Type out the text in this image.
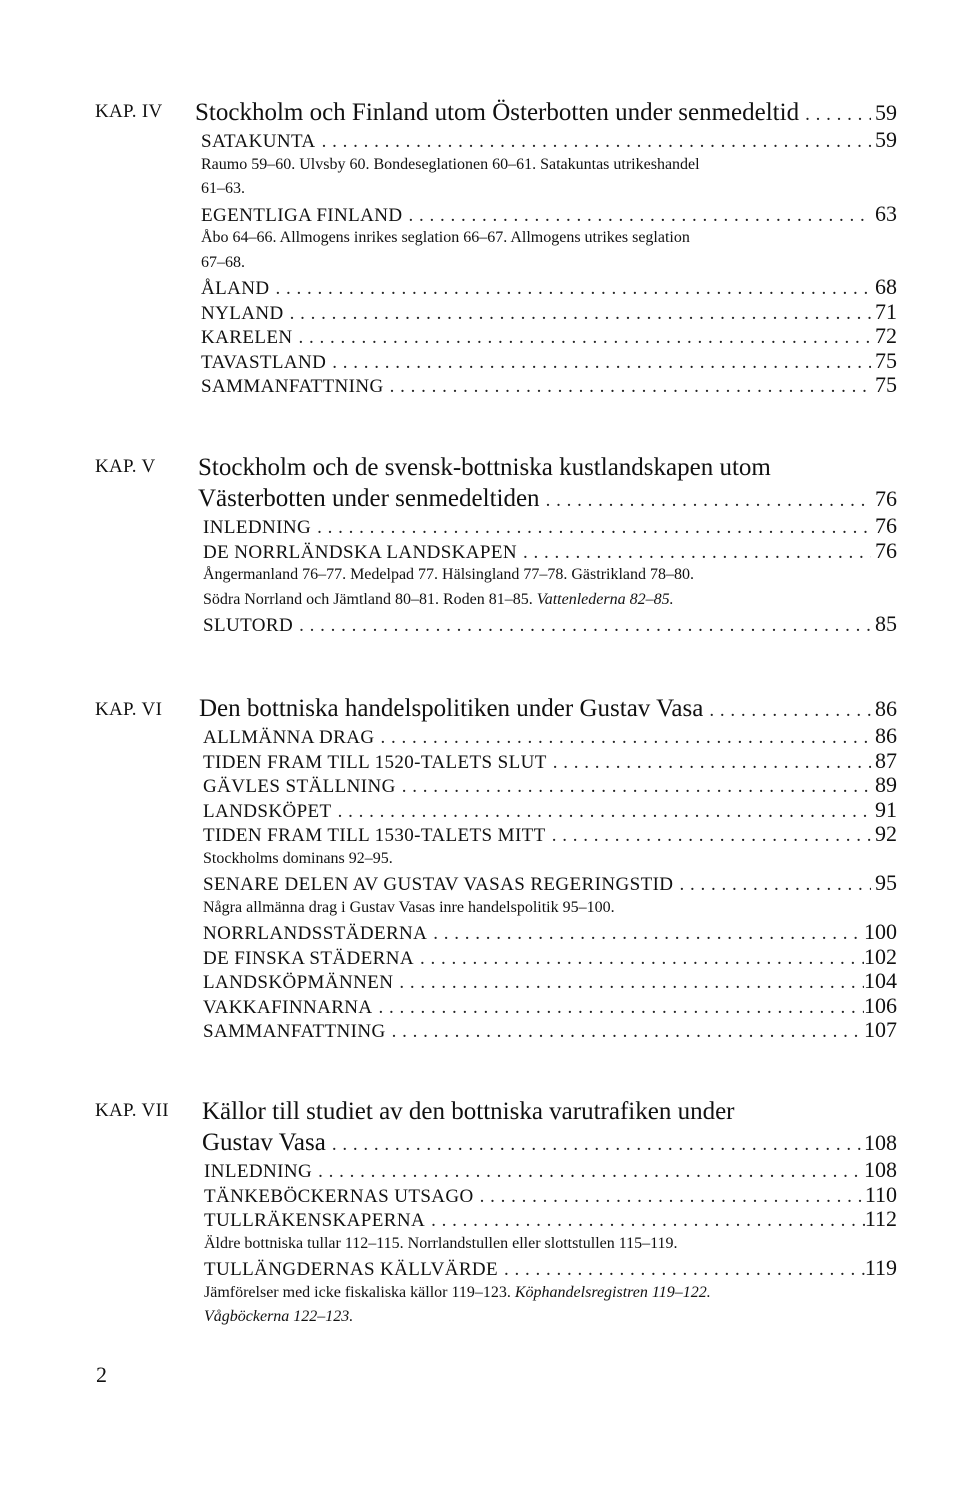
KAP. IV Stockholm och Finland utom Österbotten under senmedeltid . . .	59
SATAKUNTA . . .	59
Raumo 59–60. Ulvsby 60. Bondeseglationen 60–61. Satakuntas utrikeshandel
61–63.
EGENTLIGA FINLAND . . .	63
Åbo 64–66. Allmogens inrikes seglation 66–67. Allmogens utrikes seglation
67–68.
ÅLAND . . .	68
NYLAND . . .	71
KARELEN . . .	72
TAVASTLAND . . .	75
SAMMANFATTNING . . .	75
KAP. V Stockholm och de svensk-bottniska kustlandskapen utom
Västerbotten under senmedeltiden . . .	76
INLEDNING . . .	76
DE NORRLÄNDSKA LANDSKAPEN . . .	76
Ångermanland 76–77. Medelpad 77. Hälsingland 77–78. Gästrikland 78–80.
Södra Norrland och Jämtland 80–81. Roden 81–85. Vattenlederna 82–85.
SLUTORD . . .	85
KAP. VI Den bottniska handelspolitiken under Gustav Vasa . . .	86
ALLMÄNNA DRAG . . .	86
TIDEN FRAM TILL 1520-TALETS SLUT . . .	87
GÄVLES STÄLLNING . . .	89
LANDSKÖPET . . .	91
TIDEN FRAM TILL 1530-TALETS MITT . . .	92
Stockholms dominans 92–95.
SENARE DELEN AV GUSTAV VASAS REGERINGSTID . . .	95
Några allmänna drag i Gustav Vasas inre handelspolitik 95–100.
NORRLANDSSTÄDERNA . . .	100
DE FINSKA STÄDERNA . . .	102
LANDSKÖPMÄNNEN . . .	104
VAKKAFINNARNA . . .	106
SAMMANFATTNING . . .	107
KAP. VII Källor till studiet av den bottniska varutrafiken under
Gustav Vasa . . .	108
INLEDNING . . .	108
TÄNKEBÖCKERNAS UTSAGO . . .	110
TULLRÄKENSKAPERNA . . .	112
Äldre bottniska tullar 112–115. Norrlandstullen eller slottstullen 115–119.
TULLÄNGDERNAS KÄLLVÄRDE . . .	119
Jämförelser med icke fiskaliska källor 119–123. Köphandelsregistren 119–122.
Vågböckerna 122–123.
2
